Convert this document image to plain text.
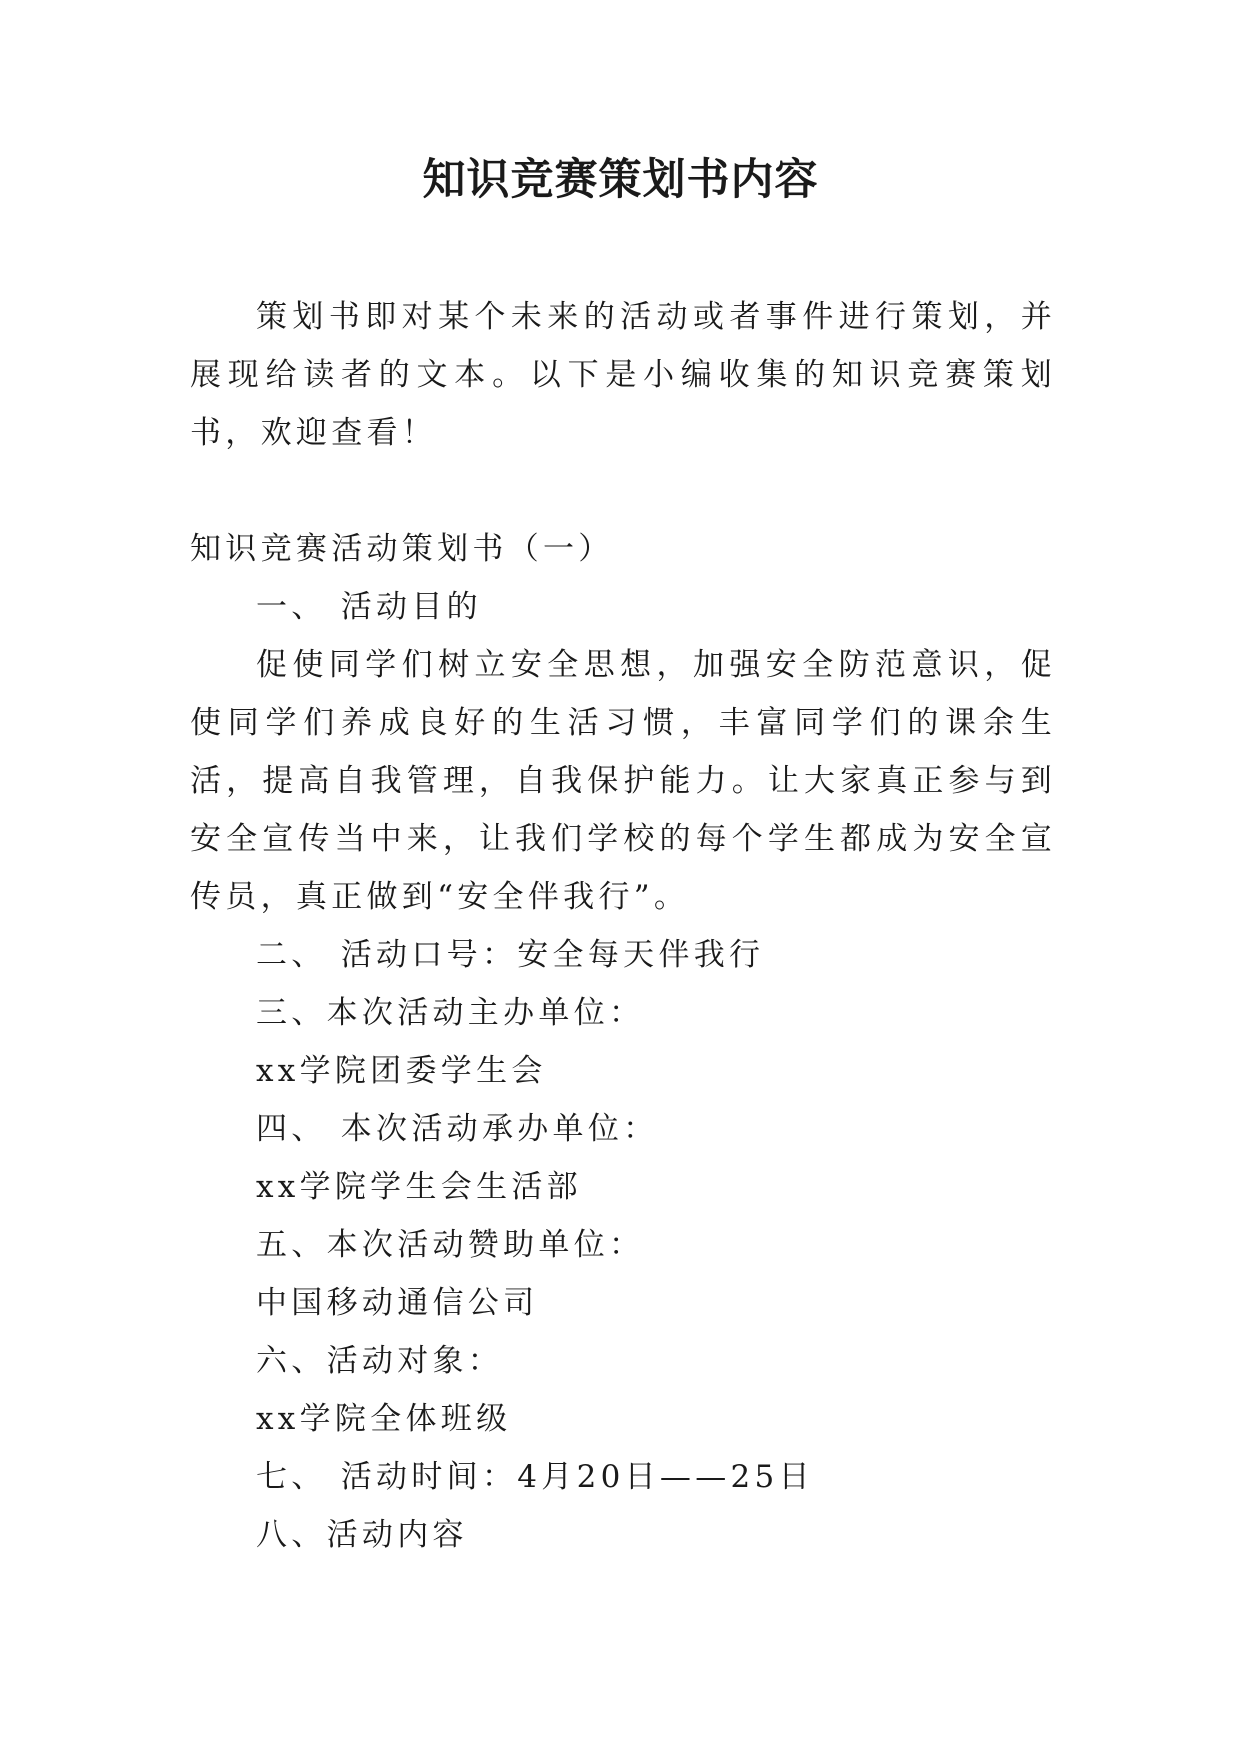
知识竞赛策划书内容

策划书即对某个未来的活动或者事件进行策划，并展现给读者的文本。以下是小编收集的知识竞赛策划书，欢迎查看！

知识竞赛活动策划书（一）

一、 活动目的

促使同学们树立安全思想，加强安全防范意识，促使同学们养成良好的生活习惯，丰富同学们的课余生活，提高自我管理，自我保护能力。让大家真正参与到安全宣传当中来，让我们学校的每个学生都成为安全宣传员，真正做到“安全伴我行”。

二、 活动口号：安全每天伴我行

三、本次活动主办单位：

xx学院团委学生会

四、 本次活动承办单位：

xx学院学生会生活部

五、本次活动赞助单位：

中国移动通信公司

六、活动对象：

xx学院全体班级

七、 活动时间：4月20日——25日

八、活动内容
